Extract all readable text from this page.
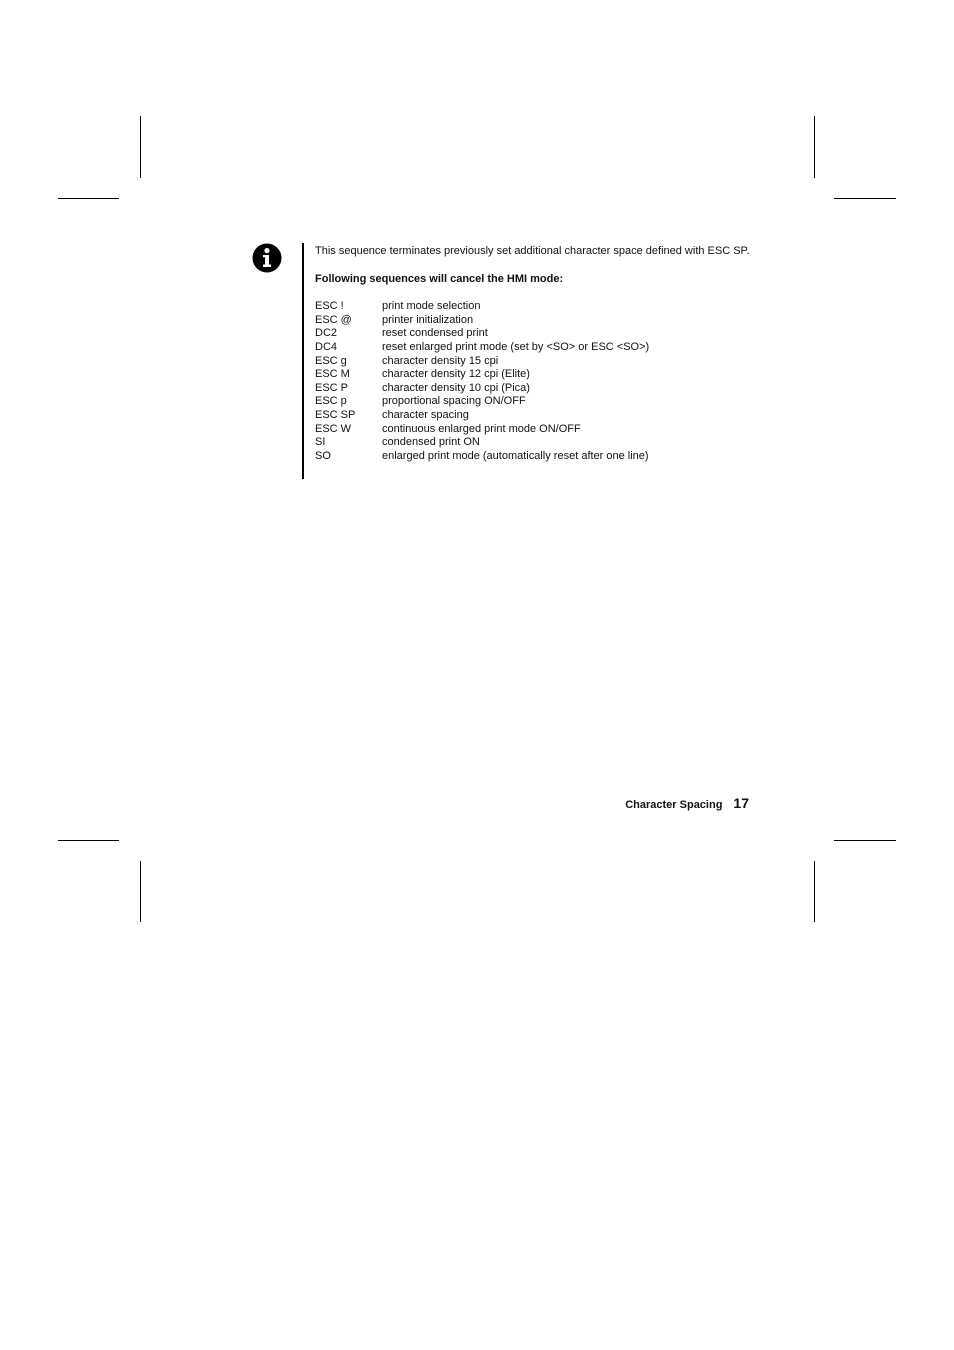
This sequence terminates previously set additional character space defined with ESC SP.

Following sequences will cancel the HMI mode:

ESC !	print mode selection
ESC @	printer initialization
DC2	reset condensed print
DC4	reset enlarged print mode (set by <SO> or ESC <SO>)
ESC g	character density 15 cpi
ESC M	character density 12 cpi (Elite)
ESC P	character density 10 cpi (Pica)
ESC p	proportional spacing ON/OFF
ESC SP	character spacing
ESC W	continuous enlarged print mode ON/OFF
SI	condensed print ON
SO	enlarged print mode (automatically reset after one line)
Character Spacing 17
